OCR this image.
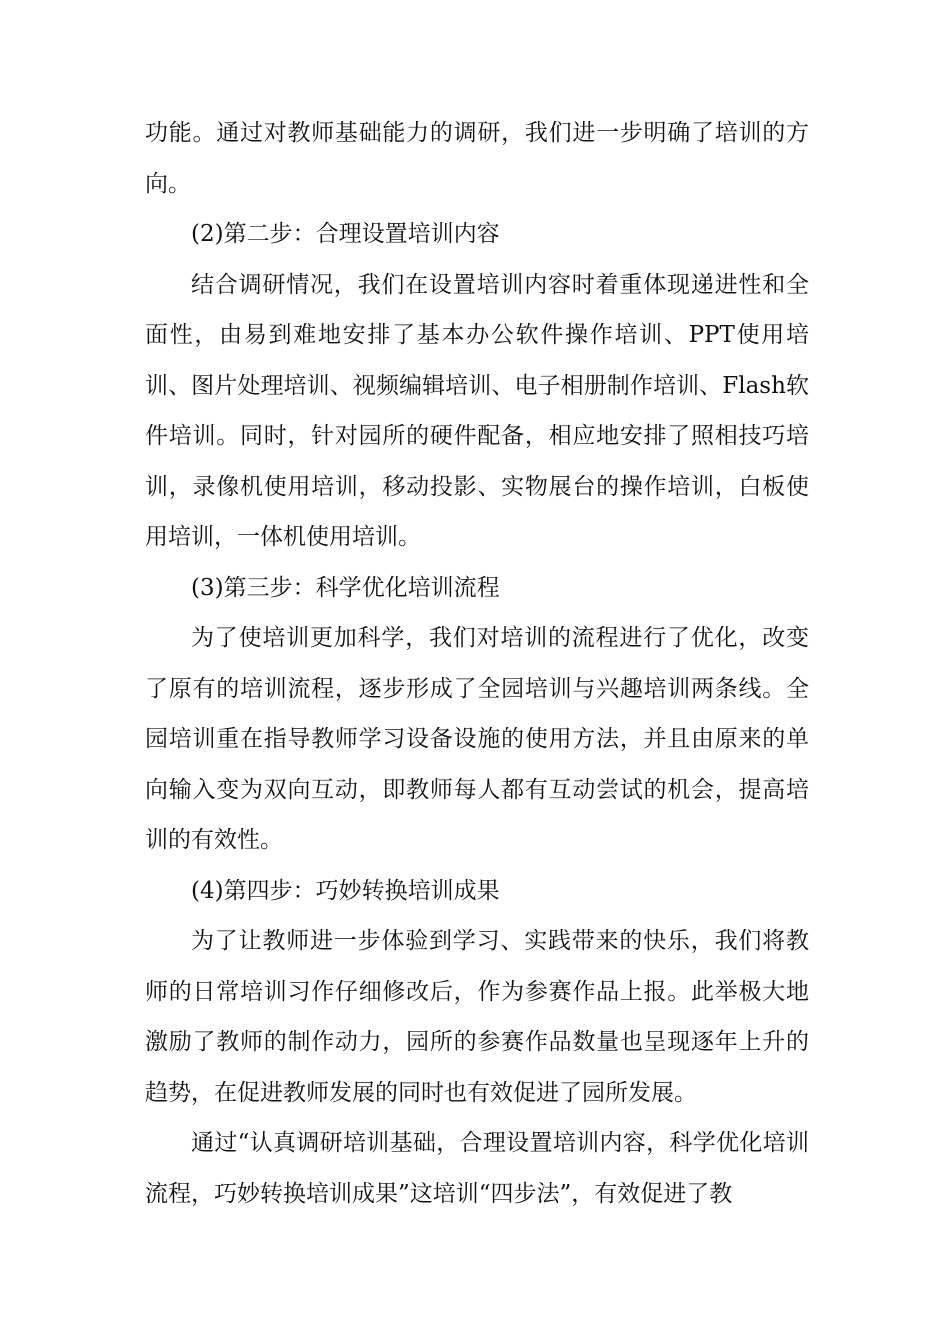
功能。通过对教师基础能力的调研，我们进一步明确了培训的方向。

(2)第二步：合理设置培训内容

结合调研情况，我们在设置培训内容时着重体现递进性和全面性，由易到难地安排了基本办公软件操作培训、PPT使用培训、图片处理培训、视频编辑培训、电子相册制作培训、Flash软件培训。同时，针对园所的硬件配备，相应地安排了照相技巧培训，录像机使用培训，移动投影、实物展台的操作培训，白板使用培训，一体机使用培训。

(3)第三步：科学优化培训流程

为了使培训更加科学，我们对培训的流程进行了优化，改变了原有的培训流程，逐步形成了全园培训与兴趣培训两条线。全园培训重在指导教师学习设备设施的使用方法，并且由原来的单向输入变为双向互动，即教师每人都有互动尝试的机会，提高培训的有效性。

(4)第四步：巧妙转换培训成果

为了让教师进一步体验到学习、实践带来的快乐，我们将教师的日常培训习作仔细修改后，作为参赛作品上报。此举极大地激励了教师的制作动力，园所的参赛作品数量也呈现逐年上升的趋势，在促进教师发展的同时也有效促进了园所发展。

通过“认真调研培训基础，合理设置培训内容，科学优化培训流程，巧妙转换培训成果”这培训“四步法”，有效促进了教
